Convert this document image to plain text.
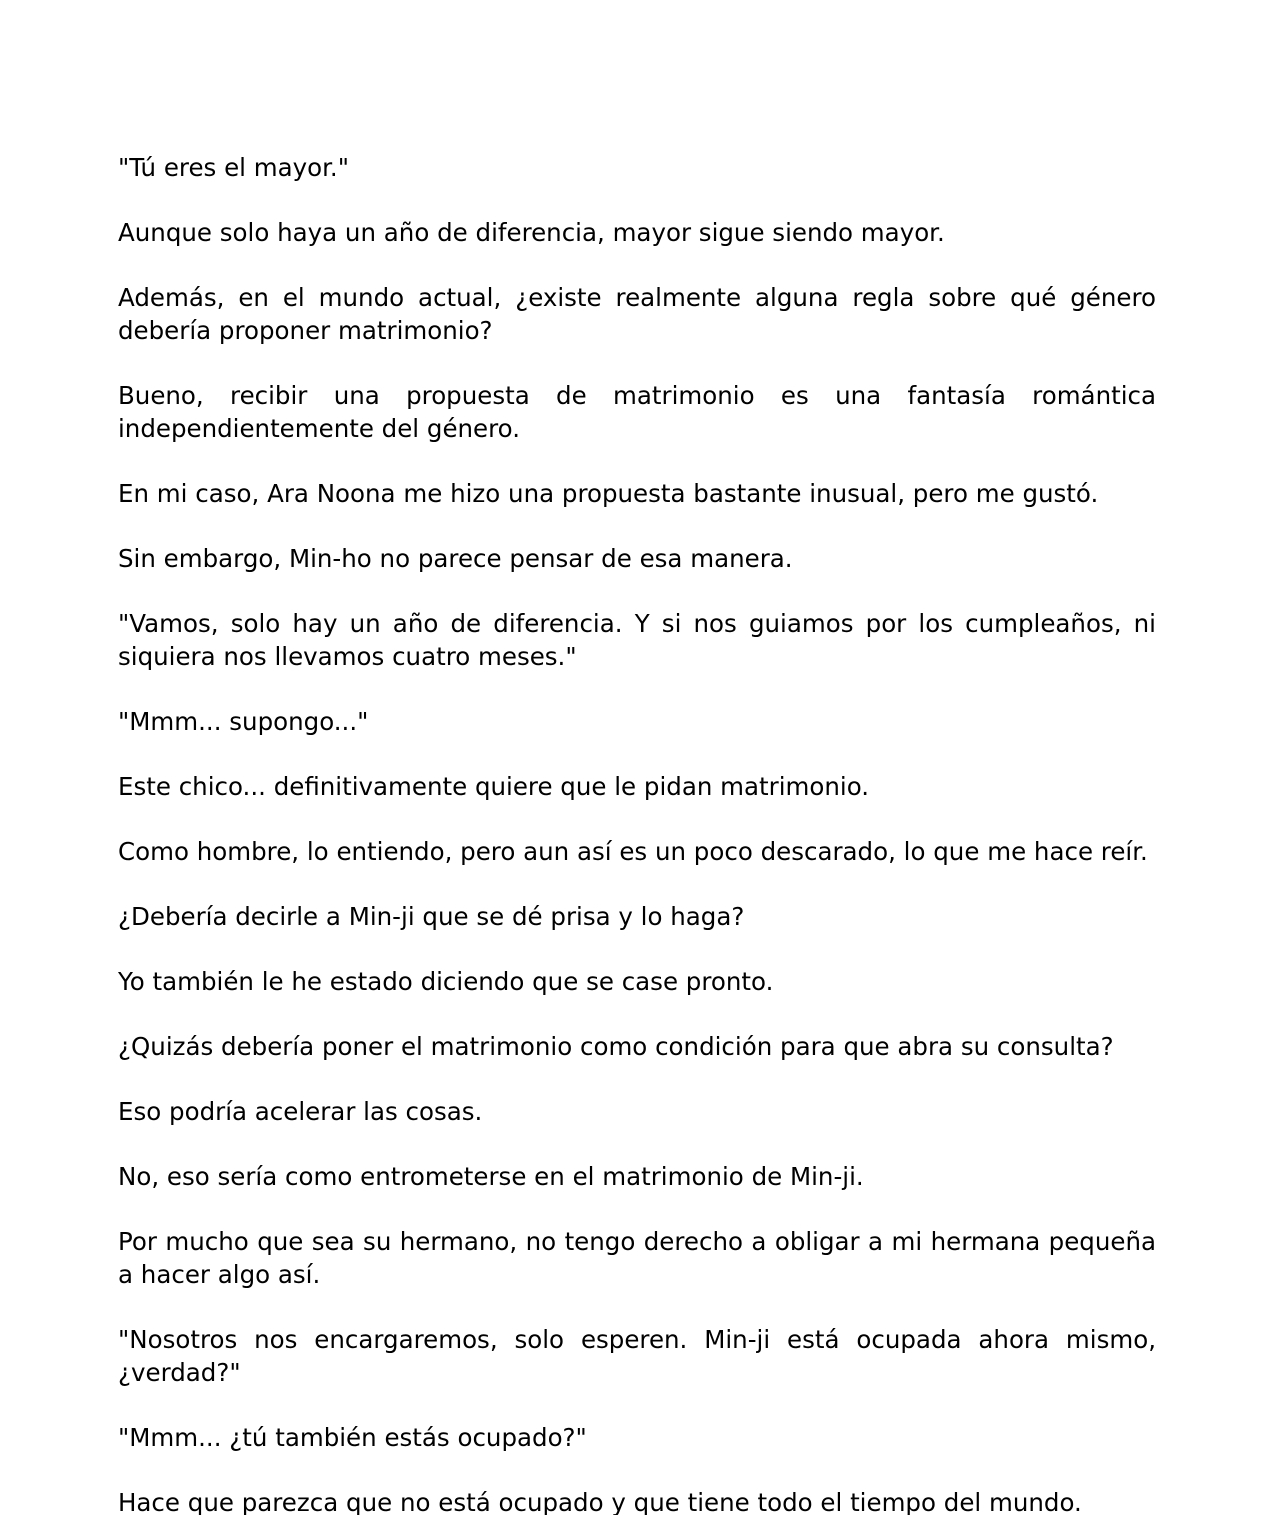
"Tú eres el mayor."

Aunque solo haya un año de diferencia, mayor sigue siendo mayor.

Además, en el mundo actual, ¿existe realmente alguna regla sobre qué género debería proponer matrimonio?

Bueno, recibir una propuesta de matrimonio es una fantasía romántica independientemente del género.

En mi caso, Ara Noona me hizo una propuesta bastante inusual, pero me gustó.

Sin embargo, Min-ho no parece pensar de esa manera.

"Vamos, solo hay un año de diferencia. Y si nos guiamos por los cumpleaños, ni siquiera nos llevamos cuatro meses."

"Mmm... supongo..."

Este chico... definitivamente quiere que le pidan matrimonio.

Como hombre, lo entiendo, pero aun así es un poco descarado, lo que me hace reír.

¿Debería decirle a Min-ji que se dé prisa y lo haga?

Yo también le he estado diciendo que se case pronto.

¿Quizás debería poner el matrimonio como condición para que abra su consulta?

Eso podría acelerar las cosas.

No, eso sería como entrometerse en el matrimonio de Min-ji.

Por mucho que sea su hermano, no tengo derecho a obligar a mi hermana pequeña a hacer algo así.

"Nosotros nos encargaremos, solo esperen. Min-ji está ocupada ahora mismo, ¿verdad?"

"Mmm... ¿tú también estás ocupado?"

Hace que parezca que no está ocupado y que tiene todo el tiempo del mundo.
